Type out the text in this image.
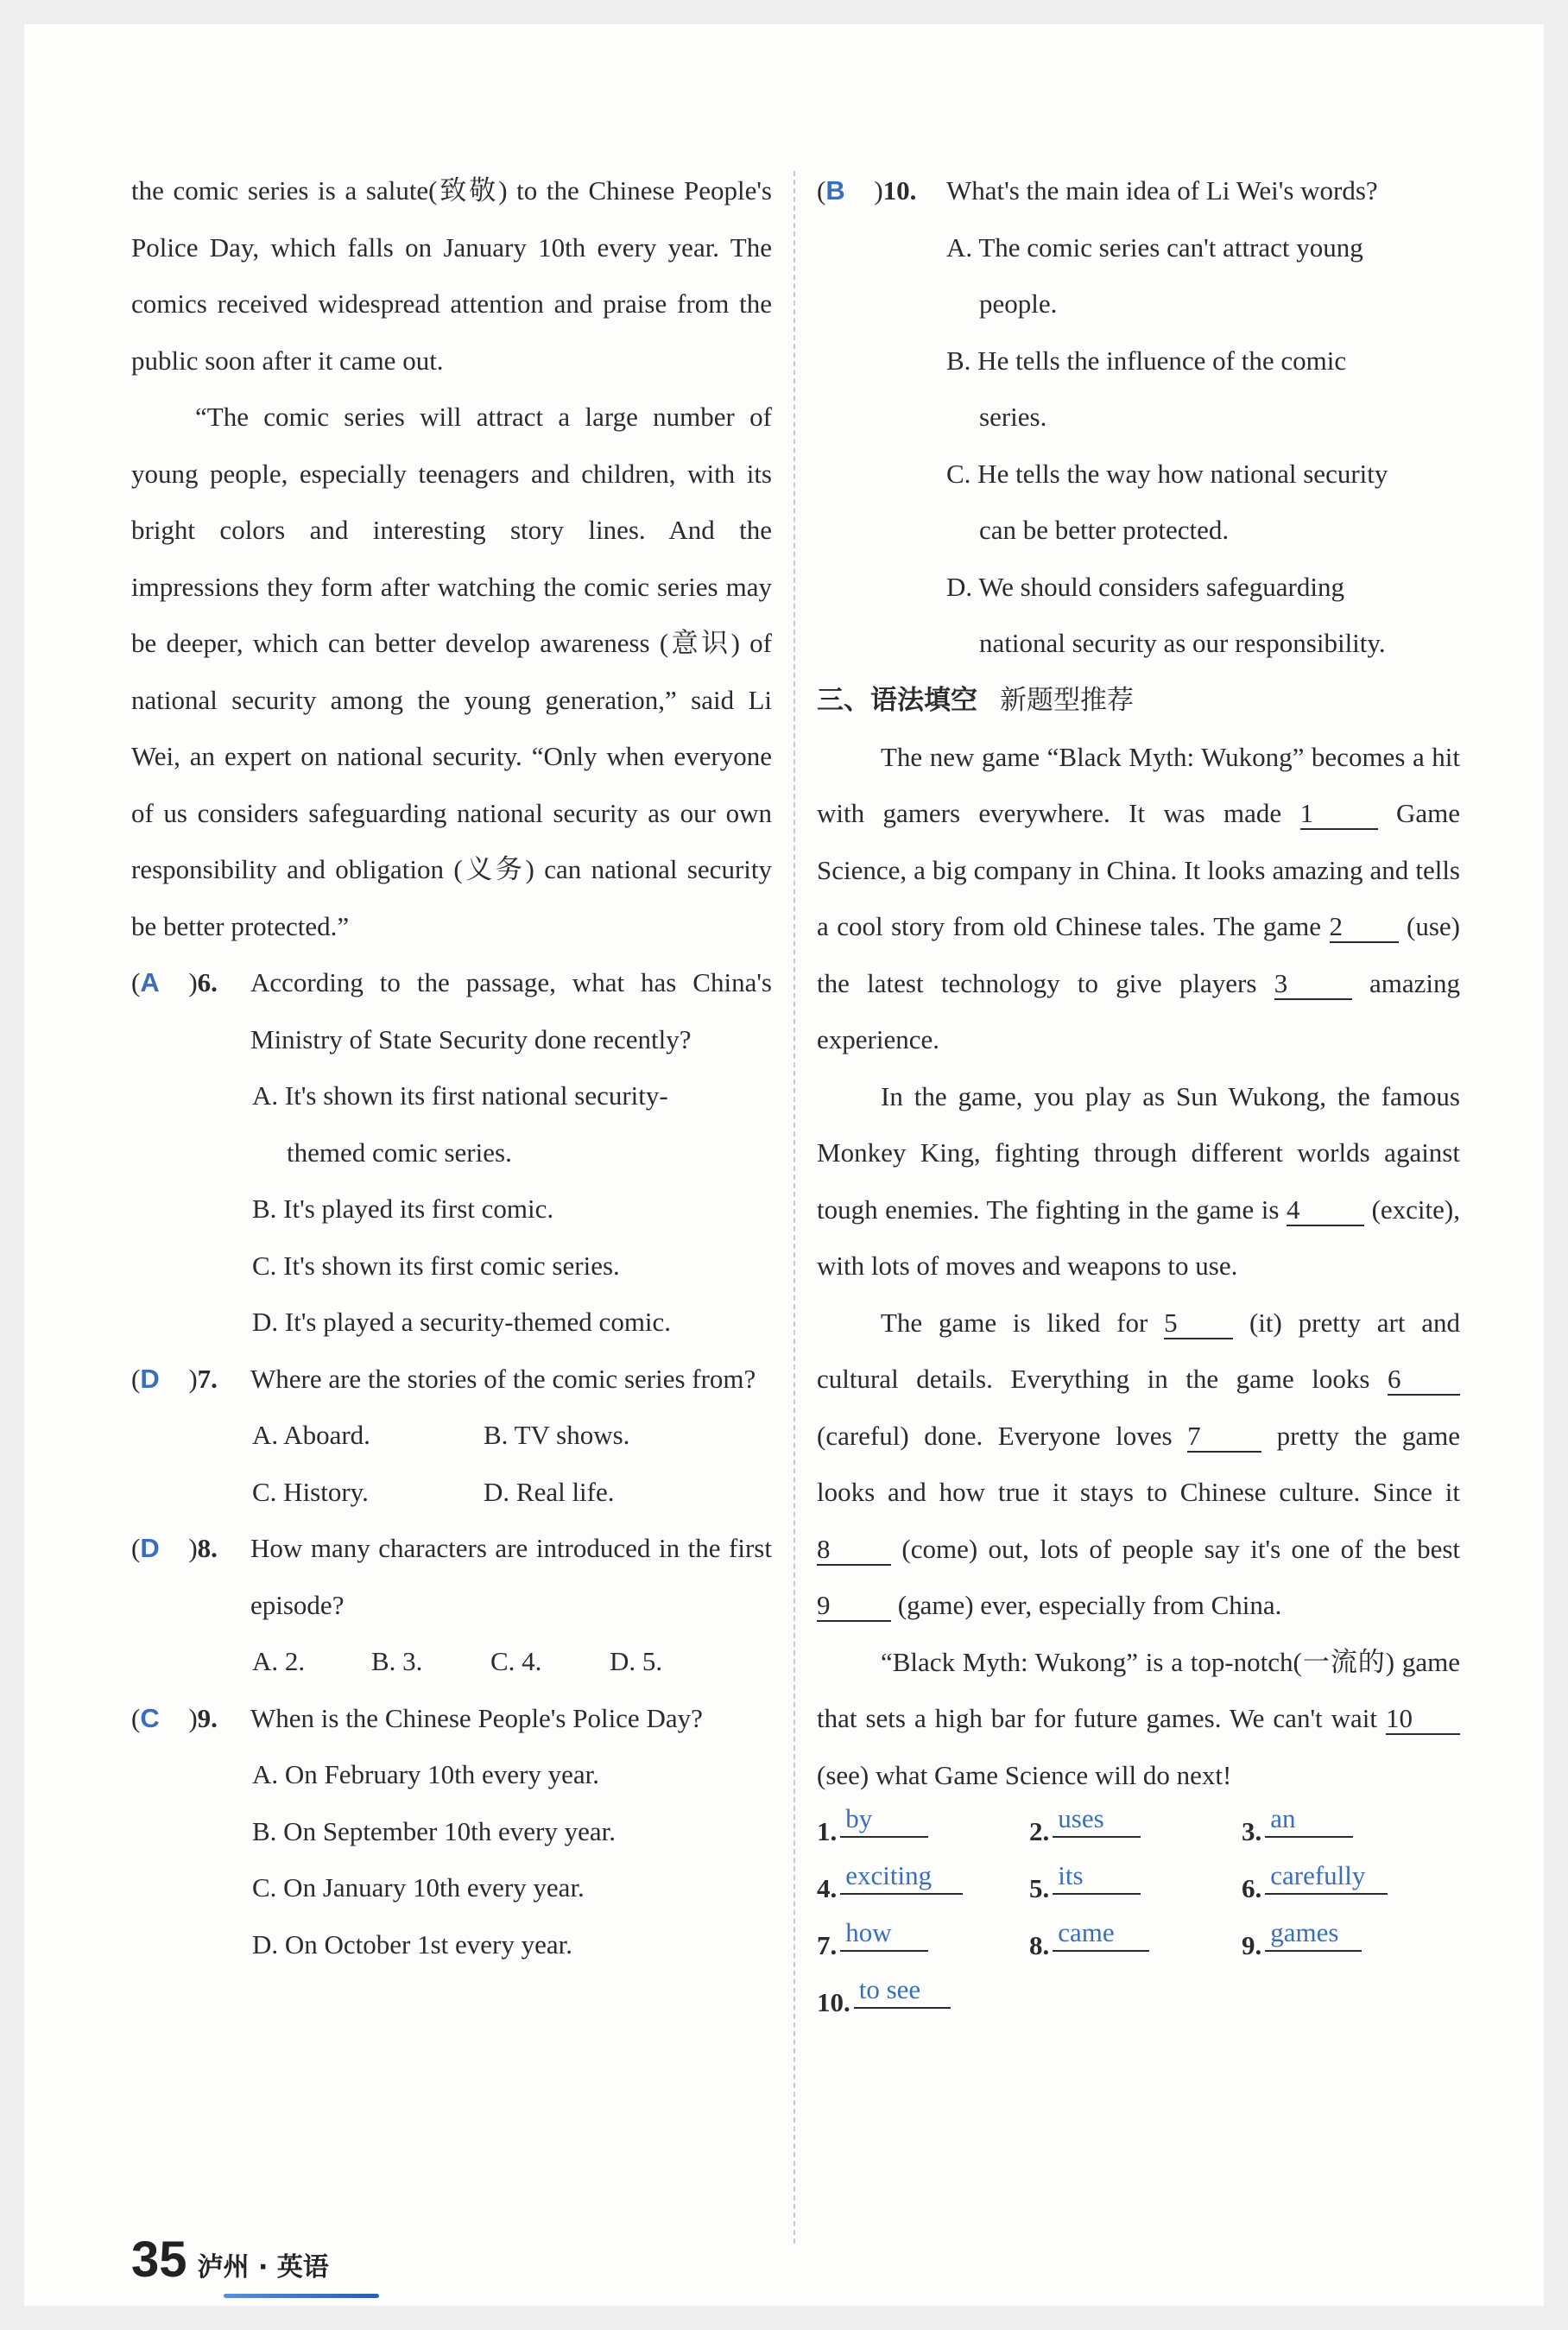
the comic series is a salute(致敬) to the Chinese People's Police Day, which falls on January 10th every year. The comics received widespread attention and praise from the public soon after it came out.

“The comic series will attract a large number of young people, especially teenagers and children, with its bright colors and interesting story lines. And the impressions they form after watching the comic series may be deeper, which can better develop awareness (意识) of national security among the young generation,” said Li Wei, an expert on national security. “Only when everyone of us considers safeguarding national security as our own responsibility and obligation (义务) can national security be better protected.”

(A )6. According to the passage, what has China's Ministry of State Security done recently?
A. It's shown its first national security-
themed comic series.
B. It's played its first comic.
C. It's shown its first comic series.
D. It's played a security-themed comic.
(D )7. Where are the stories of the comic series from?
A. Aboard.	B. TV shows.
C. History.	D. Real life.
(D )8. How many characters are introduced in the first episode?
A. 2.	B. 3.	C. 4.	D. 5.
(C )9. When is the Chinese People's Police Day?
A. On February 10th every year.
B. On September 10th every year.
C. On January 10th every year.
D. On October 1st every year.
(B )10. What's the main idea of Li Wei's words?
A. The comic series can't attract young
people.
B. He tells the influence of the comic
series.
C. He tells the way how national security
can be better protected.
D. We should considers safeguarding
national security as our responsibility.
三、语法填空 新题型推荐

The new game “Black Myth: Wukong” becomes a hit with gamers everywhere. It was made 1	Game Science, a big company in China. It looks amazing and tells a cool story from old Chinese tales. The game 2 (use) the latest technology to give players 3	amazing experience.

In the game, you play as Sun Wukong, the famous Monkey King, fighting through different worlds against tough enemies. The fighting in the game is 4	(excite), with lots of moves and weapons to use.

The game is liked for 5	(it) pretty art and cultural details. Everything in the game looks 6 (careful) done. Everyone loves 7	pretty the game looks and how true it stays to Chinese culture. Since it 8	(come) out, lots of people say it's one of the best 9	(game) ever, especially from China.

“Black Myth: Wukong” is a top-notch(一流的) game that sets a high bar for future games. We can't wait 10 (see) what Game Science will do next!

1. by	2. uses	3. an
4. exciting	5. its	6. carefully
7. how	8. came	9. games
10. to see
35 泸州 · 英语
